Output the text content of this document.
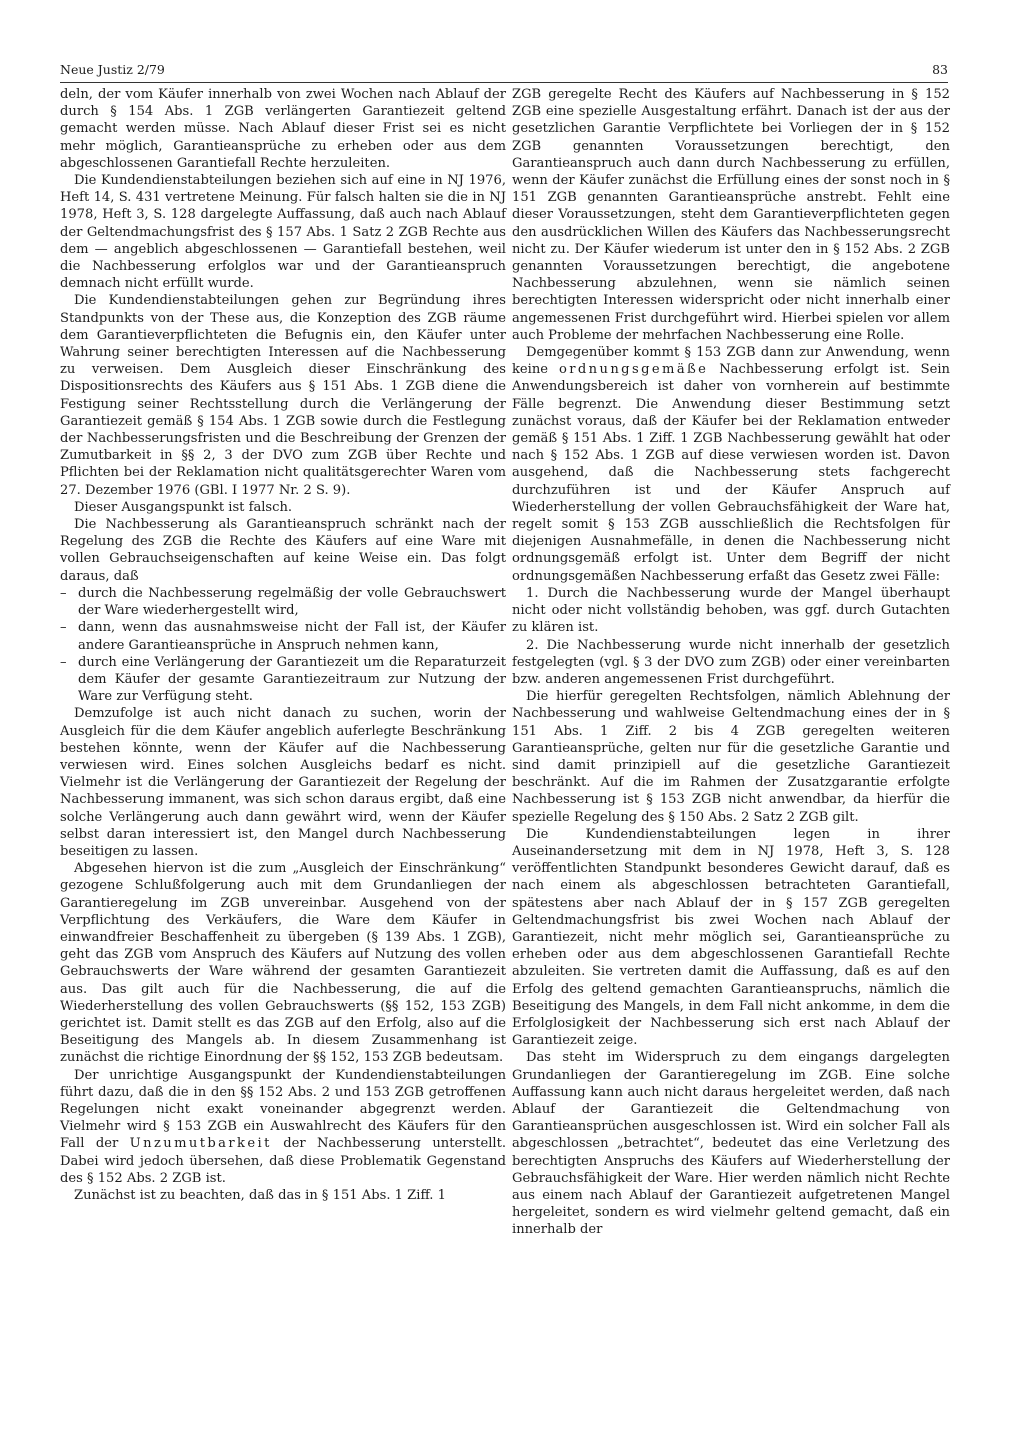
Neue Justiz 2/79	83

deln, der vom Käufer innerhalb von zwei Wochen nach Ablauf der durch § 154 Abs. 1 ZGB verlängerten Garantiezeit geltend gemacht werden müsse. Nach Ablauf dieser Frist sei es nicht mehr möglich, Garantieansprüche zu erheben oder aus dem abgeschlossenen Garantiefall Rechte herzuleiten.

Die Kundendienstabteilungen beziehen sich auf eine in NJ 1976, Heft 14, S. 431 vertretene Meinung. Für falsch halten sie die in NJ 1978, Heft 3, S. 128 dargelegte Auffassung, daß auch nach Ablauf der Geltendmachungsfrist des § 157 Abs. 1 Satz 2 ZGB Rechte aus dem — angeblich abgeschlossenen — Garantiefall bestehen, weil die Nachbesserung erfolglos war und der Garantieanspruch demnach nicht erfüllt wurde.

Die Kundendienstabteilungen gehen zur Begründung ihres Standpunkts von der These aus, die Konzeption des ZGB räume dem Garantieverpflichteten die Befugnis ein, den Käufer unter Wahrung seiner berechtigten Interessen auf die Nachbesserung zu verweisen. Dem Ausgleich dieser Einschränkung des Dispositionsrechts des Käufers aus § 151 Abs. 1 ZGB diene die Festigung seiner Rechtsstellung durch die Verlängerung der Garantiezeit gemäß § 154 Abs. 1 ZGB sowie durch die Festlegung der Nachbesserungsfristen und die Beschreibung der Grenzen der Zumutbarkeit in §§ 2, 3 der DVO zum ZGB über Rechte und Pflichten bei der Reklamation nicht qualitätsgerechter Waren vom 27. Dezember 1976 (GBl. I 1977 Nr. 2 S. 9).

Dieser Ausgangspunkt ist falsch.

Die Nachbesserung als Garantieanspruch schränkt nach der Regelung des ZGB die Rechte des Käufers auf eine Ware mit vollen Gebrauchseigenschaften auf keine Weise ein. Das folgt daraus, daß

– durch die Nachbesserung regelmäßig der volle Gebrauchswert der Ware wiederhergestellt wird,
– dann, wenn das ausnahmsweise nicht der Fall ist, der Käufer andere Garantieansprüche in Anspruch nehmen kann,
– durch eine Verlängerung der Garantiezeit um die Reparaturzeit dem Käufer der gesamte Garantiezeitraum zur Nutzung der Ware zur Verfügung steht.

Demzufolge ist auch nicht danach zu suchen, worin der Ausgleich für die dem Käufer angeblich auferlegte Beschränkung bestehen könnte, wenn der Käufer auf die Nachbesserung verwiesen wird. Eines solchen Ausgleichs bedarf es nicht. Vielmehr ist die Verlängerung der Garantiezeit der Regelung der Nachbesserung immanent, was sich schon daraus ergibt, daß eine solche Verlängerung auch dann gewährt wird, wenn der Käufer selbst daran interessiert ist, den Mangel durch Nachbesserung beseitigen zu lassen.

Abgesehen hiervon ist die zum „Ausgleich der Einschränkung“ gezogene Schlußfolgerung auch mit dem Grundanliegen der Garantieregelung im ZGB unvereinbar. Ausgehend von der Verpflichtung des Verkäufers, die Ware dem Käufer in einwandfreier Beschaffenheit zu übergeben (§ 139 Abs. 1 ZGB), geht das ZGB vom Anspruch des Käufers auf Nutzung des vollen Gebrauchswerts der Ware während der gesamten Garantiezeit aus. Das gilt auch für die Nachbesserung, die auf die Wiederherstellung des vollen Gebrauchswerts (§§ 152, 153 ZGB) gerichtet ist. Damit stellt es das ZGB auf den Erfolg, also auf die Beseitigung des Mangels ab. In diesem Zusammenhang ist zunächst die richtige Einordnung der §§ 152, 153 ZGB bedeutsam.

Der unrichtige Ausgangspunkt der Kundendienstabteilungen führt dazu, daß die in den §§ 152 Abs. 2 und 153 ZGB getroffenen Regelungen nicht exakt voneinander abgegrenzt werden. Vielmehr wird § 153 ZGB ein Auswahlrecht des Käufers für den Fall der Unzumutbarkeit der Nachbesserung unterstellt. Dabei wird jedoch übersehen, daß diese Problematik Gegenstand des § 152 Abs. 2 ZGB ist.

Zunächst ist zu beachten, daß das in § 151 Abs. 1 Ziff. 1

ZGB geregelte Recht des Käufers auf Nachbesserung in § 152 ZGB eine spezielle Ausgestaltung erfährt. Danach ist der aus der gesetzlichen Garantie Verpflichtete bei Vorliegen der in § 152 ZGB genannten Voraussetzungen berechtigt, den Garantieanspruch auch dann durch Nachbesserung zu erfüllen, wenn der Käufer zunächst die Erfüllung eines der sonst noch in § 151 ZGB genannten Garantieansprüche anstrebt. Fehlt eine dieser Voraussetzungen, steht dem Garantieverpflichteten gegen den ausdrücklichen Willen des Käufers das Nachbesserungsrecht nicht zu. Der Käufer wiederum ist unter den in § 152 Abs. 2 ZGB genannten Voraussetzungen berechtigt, die angebotene Nachbesserung abzulehnen, wenn sie nämlich seinen berechtigten Interessen widerspricht oder nicht innerhalb einer angemessenen Frist durchgeführt wird. Hierbei spielen vor allem auch Probleme der mehrfachen Nachbesserung eine Rolle.

Demgegenüber kommt § 153 ZGB dann zur Anwendung, wenn keine ordnungsgemäße Nachbesserung erfolgt ist. Sein Anwendungsbereich ist daher von vornherein auf bestimmte Fälle begrenzt. Die Anwendung dieser Bestimmung setzt zunächst voraus, daß der Käufer bei der Reklamation entweder gemäß § 151 Abs. 1 Ziff. 1 ZGB Nachbesserung gewählt hat oder nach § 152 Abs. 1 ZGB auf diese verwiesen worden ist. Davon ausgehend, daß die Nachbesserung stets fachgerecht durchzuführen ist und der Käufer Anspruch auf Wiederherstellung der vollen Gebrauchsfähigkeit der Ware hat, regelt somit § 153 ZGB ausschließlich die Rechtsfolgen für diejenigen Ausnahmefälle, in denen die Nachbesserung nicht ordnungsgemäß erfolgt ist. Unter dem Begriff der nicht ordnungsgemäßen Nachbesserung erfaßt das Gesetz zwei Fälle:

1. Durch die Nachbesserung wurde der Mangel überhaupt nicht oder nicht vollständig behoben, was ggf. durch Gutachten zu klären ist.

2. Die Nachbesserung wurde nicht innerhalb der gesetzlich festgelegten (vgl. § 3 der DVO zum ZGB) oder einer vereinbarten bzw. anderen angemessenen Frist durchgeführt.

Die hierfür geregelten Rechtsfolgen, nämlich Ablehnung der Nachbesserung und wahlweise Geltendmachung eines der in § 151 Abs. 1 Ziff. 2 bis 4 ZGB geregelten weiteren Garantieansprüche, gelten nur für die gesetzliche Garantie und sind damit prinzipiell auf die gesetzliche Garantiezeit beschränkt. Auf die im Rahmen der Zusatzgarantie erfolgte Nachbesserung ist § 153 ZGB nicht anwendbar, da hierfür die spezielle Regelung des § 150 Abs. 2 Satz 2 ZGB gilt.

Die Kundendienstabteilungen legen in ihrer Auseinandersetzung mit dem in NJ 1978, Heft 3, S. 128 veröffentlichten Standpunkt besonderes Gewicht darauf, daß es nach einem als abgeschlossen betrachteten Garantiefall, spätestens aber nach Ablauf der in § 157 ZGB geregelten Geltendmachungsfrist bis zwei Wochen nach Ablauf der Garantiezeit, nicht mehr möglich sei, Garantieansprüche zu erheben oder aus dem abgeschlossenen Garantiefall Rechte abzuleiten. Sie vertreten damit die Auffassung, daß es auf den Erfolg des geltend gemachten Garantieanspruchs, nämlich die Beseitigung des Mangels, in dem Fall nicht ankomme, in dem die Erfolglosigkeit der Nachbesserung sich erst nach Ablauf der Garantiezeit zeige.

Das steht im Widerspruch zu dem eingangs dargelegten Grundanliegen der Garantieregelung im ZGB. Eine solche Auffassung kann auch nicht daraus hergeleitet werden, daß nach Ablauf der Garantiezeit die Geltendmachung von Garantieansprüchen ausgeschlossen ist. Wird ein solcher Fall als abgeschlossen „betrachtet“, bedeutet das eine Verletzung des berechtigten Anspruchs des Käufers auf Wiederherstellung der Gebrauchsfähigkeit der Ware. Hier werden nämlich nicht Rechte aus einem nach Ablauf der Garantiezeit aufgetretenen Mangel hergeleitet, sondern es wird vielmehr geltend gemacht, daß ein innerhalb der
